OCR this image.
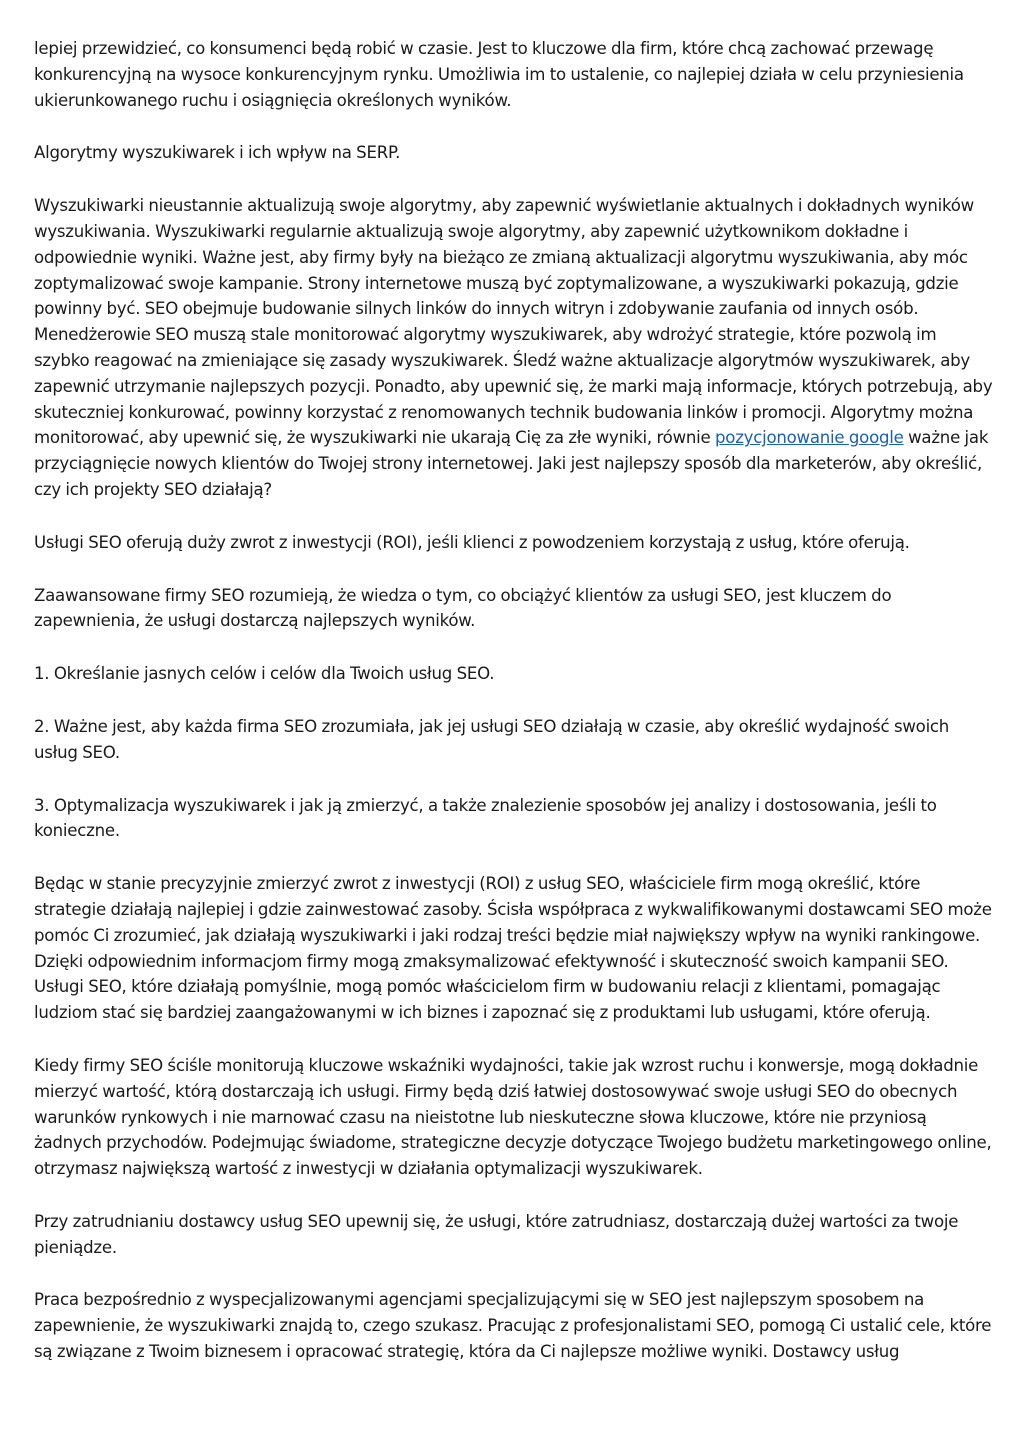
lepiej przewidzieć, co konsumenci będą robić w czasie. Jest to kluczowe dla firm, które chcą zachować przewagę konkurencyjną na wysoce konkurencyjnym rynku. Umożliwia im to ustalenie, co najlepiej działa w celu przyniesienia ukierunkowanego ruchu i osiągnięcia określonych wyników.

Algorytmy wyszukiwarek i ich wpływ na SERP.

Wyszukiwarki nieustannie aktualizują swoje algorytmy, aby zapewnić wyświetlanie aktualnych i dokładnych wyników wyszukiwania. Wyszukiwarki regularnie aktualizują swoje algorytmy, aby zapewnić użytkownikom dokładne i odpowiednie wyniki. Ważne jest, aby firmy były na bieżąco ze zmianą aktualizacji algorytmu wyszukiwania, aby móc zoptymalizować swoje kampanie. Strony internetowe muszą być zoptymalizowane, a wyszukiwarki pokazują, gdzie powinny być. SEO obejmuje budowanie silnych linków do innych witryn i zdobywanie zaufania od innych osób. Menedżerowie SEO muszą stale monitorować algorytmy wyszukiwarek, aby wdrożyć strategie, które pozwolą im szybko reagować na zmieniające się zasady wyszukiwarek. Śledź ważne aktualizacje algorytmów wyszukiwarek, aby zapewnić utrzymanie najlepszych pozycji. Ponadto, aby upewnić się, że marki mają informacje, których potrzebują, aby skuteczniej konkurować, powinny korzystać z renomowanych technik budowania linków i promocji. Algorytmy można monitorować, aby upewnić się, że wyszukiwarki nie ukarają Cię za złe wyniki, równie pozycjonowanie google ważne jak przyciągnięcie nowych klientów do Twojej strony internetowej. Jaki jest najlepszy sposób dla marketerów, aby określić, czy ich projekty SEO działają?

Usługi SEO oferują duży zwrot z inwestycji (ROI), jeśli klienci z powodzeniem korzystają z usług, które oferują.

Zaawansowane firmy SEO rozumieją, że wiedza o tym, co obciążyć klientów za usługi SEO, jest kluczem do zapewnienia, że usługi dostarczą najlepszych wyników.

1. Określanie jasnych celów i celów dla Twoich usług SEO.

2. Ważne jest, aby każda firma SEO zrozumiała, jak jej usługi SEO działają w czasie, aby określić wydajność swoich usług SEO.

3. Optymalizacja wyszukiwarek i jak ją zmierzyć, a także znalezienie sposobów jej analizy i dostosowania, jeśli to konieczne.

Będąc w stanie precyzyjnie zmierzyć zwrot z inwestycji (ROI) z usług SEO, właściciele firm mogą określić, które strategie działają najlepiej i gdzie zainwestować zasoby. Ścisła współpraca z wykwalifikowanymi dostawcami SEO może pomóc Ci zrozumieć, jak działają wyszukiwarki i jaki rodzaj treści będzie miał największy wpływ na wyniki rankingowe. Dzięki odpowiednim informacjom firmy mogą zmaksymalizować efektywność i skuteczność swoich kampanii SEO. Usługi SEO, które działają pomyślnie, mogą pomóc właścicielom firm w budowaniu relacji z klientami, pomagając ludziom stać się bardziej zaangażowanymi w ich biznes i zapoznać się z produktami lub usługami, które oferują.

Kiedy firmy SEO ściśle monitorują kluczowe wskaźniki wydajności, takie jak wzrost ruchu i konwersje, mogą dokładnie mierzyć wartość, którą dostarczają ich usługi. Firmy będą dziś łatwiej dostosowywać swoje usługi SEO do obecnych warunków rynkowych i nie marnować czasu na nieistotne lub nieskuteczne słowa kluczowe, które nie przyniosą żadnych przychodów. Podejmując świadome, strategiczne decyzje dotyczące Twojego budżetu marketingowego online, otrzymasz największą wartość z inwestycji w działania optymalizacji wyszukiwarek.

Przy zatrudnianiu dostawcy usług SEO upewnij się, że usługi, które zatrudniasz, dostarczają dużej wartości za twoje pieniądze.

Praca bezpośrednio z wyspecjalizowanymi agencjami specjalizującymi się w SEO jest najlepszym sposobem na zapewnienie, że wyszukiwarki znajdą to, czego szukasz. Pracując z profesjonalistami SEO, pomogą Ci ustalić cele, które są związane z Twoim biznesem i opracować strategię, która da Ci najlepsze możliwe wyniki. Dostawcy usług
